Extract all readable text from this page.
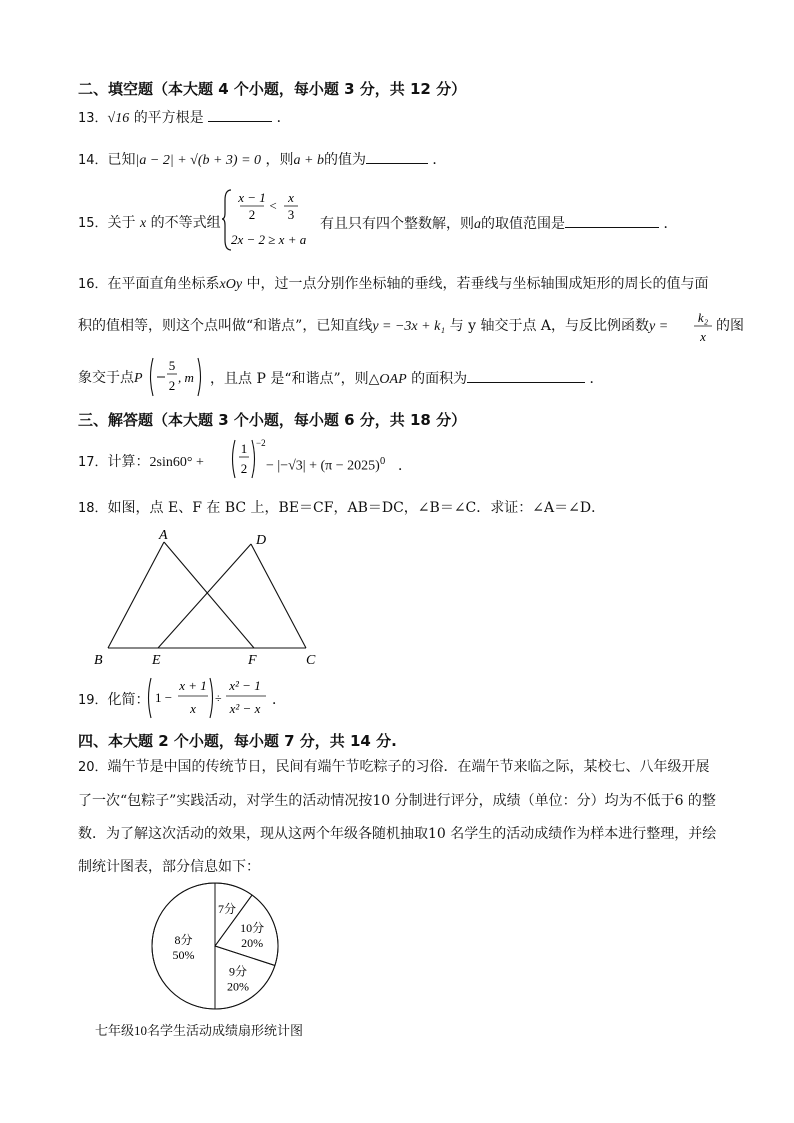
二、填空题（本大题 4 个小题，每小题 3 分，共 12 分）
13．√16 的平方根是	．
14．已知|a − 2| + √(b + 3) = 0 ，则a + b的值为	．
15．关于 x 的不等式组
x − 1
2
<
x
3
2x − 2 ≥ x + a
有且只有四个整数解，则a的取值范围是	．
16．在平面直角坐标系xOy 中，过一点分别作坐标轴的垂线，若垂线与坐标轴围成矩形的周长的值与面
积的值相等，则这个点叫做“和谐点”，已知直线y = −3x + k₁ 与 y 轴交于点 A，与反比例函数y =
k₂
x
的图
象交于点P
5
2
, m ，且点 P 是“和谐点”，则△OAP 的面积为	．
三、解答题（本大题 3 个小题，每小题 6 分，共 18 分）
17．计算：2sin60° +
1
2
−2
− $|-√3| + (\pi - 2025)^0$ ．
18．如图，点 E、F 在 BC 上，BE＝CF，AB＝DC，∠B＝∠C．求证：∠A＝∠D．
A	D
B	E	F	C
19．化简： 1 −
x + 1
x
÷
x² − 1
x² − x
．
四、本大题 2 个小题，每小题 7 分，共 14 分.
20．端午节是中国的传统节日，民间有端午节吃粽子的习俗．在端午节来临之际，某校七、八年级开展
了一次“包粽子”实践活动，对学生的活动情况按10 分制进行评分，成绩（单位：分）均为不低于6 的整
数．为了解这次活动的效果，现从这两个年级各随机抽取10 名学生的活动成绩作为样本进行整理，并绘
制统计图表，部分信息如下：
8分
50%
7分
10分
20%
9分
20%
七年级10名学生活动成绩扇形统计图
